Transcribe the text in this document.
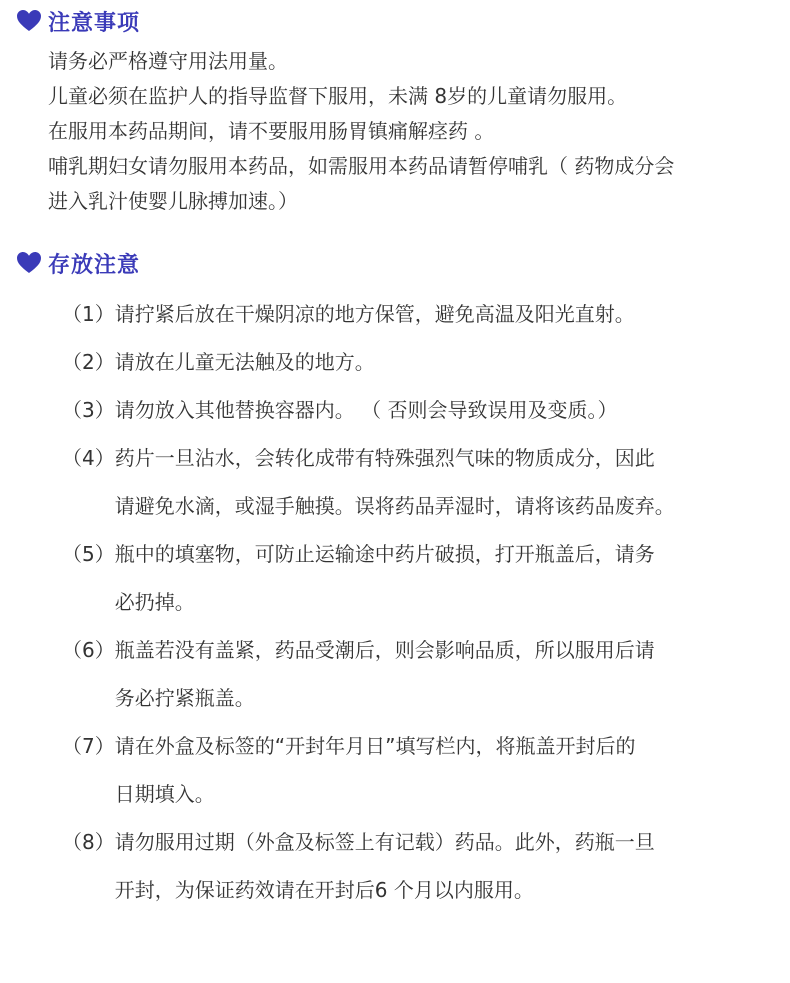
注意事项
请务必严格遵守用法用量。
儿童必须在监护人的指导监督下服用，未满 8岁的儿童请勿服用。
在服用本药品期间，请不要服用肠胃镇痛解痉药 。
哺乳期妇女请勿服用本药品，如需服用本药品请暂停哺乳（ 药物成分会
进入乳汁使婴儿脉搏加速。）
存放注意
（1） 请拧紧后放在干燥阴凉的地方保管，避免高温及阳光直射。
（2） 请放在儿童无法触及的地方。
（3） 请勿放入其他替换容器内。 （ 否则会导致误用及变质。）
（4） 药片一旦沾水，会转化成带有特殊强烈气味的物质成分，因此
请避免水滴，或湿手触摸。误将药品弄湿时，请将该药品废弃。
（5） 瓶中的填塞物，可防止运输途中药片破损，打开瓶盖后，请务
必扔掉。
（6） 瓶盖若没有盖紧，药品受潮后，则会影响品质，所以服用后请
务必拧紧瓶盖。
（7） 请在外盒及标签的“开封年月日”填写栏内，将瓶盖开封后的
日期填入。
（8） 请勿服用过期（外盒及标签上有记载）药品。此外，药瓶一旦
开封，为保证药效请在开封后6 个月以内服用。
